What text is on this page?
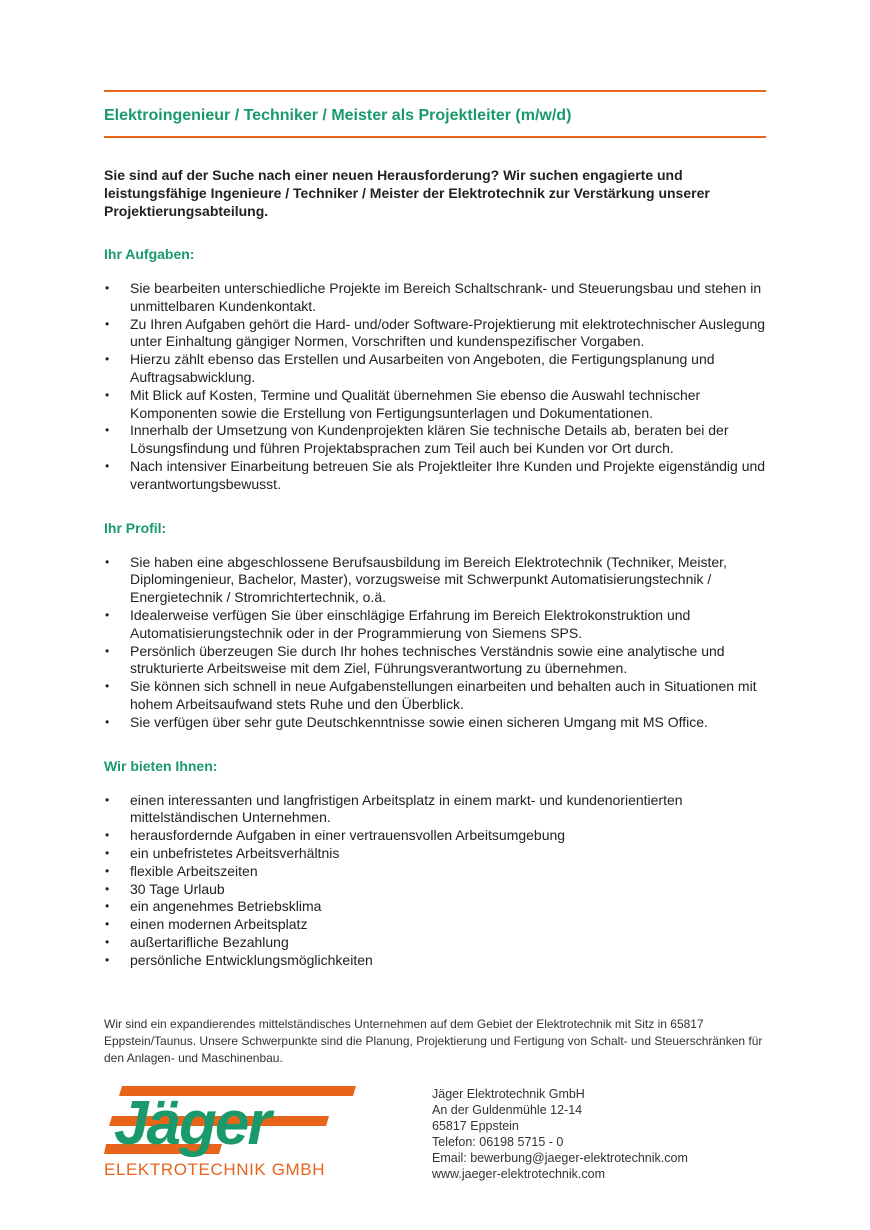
Elektroingenieur / Techniker / Meister als Projektleiter (m/w/d)
Sie sind auf der Suche nach einer neuen Herausforderung? Wir suchen engagierte und leistungsfähige Ingenieure / Techniker / Meister der Elektrotechnik zur Verstärkung unserer Projektierungsabteilung.
Ihr Aufgaben:
• Sie bearbeiten unterschiedliche Projekte im Bereich Schaltschrank- und Steuerungsbau und stehen in unmittelbaren Kundenkontakt.
• Zu Ihren Aufgaben gehört die Hard- und/oder Software-Projektierung mit elektrotechnischer Auslegung unter Einhaltung gängiger Normen, Vorschriften und kundenspezifischer Vorgaben.
• Hierzu zählt ebenso das Erstellen und Ausarbeiten von Angeboten, die Fertigungsplanung und Auftragsabwicklung.
• Mit Blick auf Kosten, Termine und Qualität übernehmen Sie ebenso die Auswahl technischer Komponenten sowie die Erstellung von Fertigungsunterlagen und Dokumentationen.
• Innerhalb der Umsetzung von Kundenprojekten klären Sie technische Details ab, beraten bei der Lösungsfindung und führen Projektabsprachen zum Teil auch bei Kunden vor Ort durch.
• Nach intensiver Einarbeitung betreuen Sie als Projektleiter Ihre Kunden und Projekte eigenständig und verantwortungsbewusst.
Ihr Profil:
• Sie haben eine abgeschlossene Berufsausbildung im Bereich Elektrotechnik (Techniker, Meister, Diplomingenieur, Bachelor, Master), vorzugsweise mit Schwerpunkt Automatisierungstechnik / Energietechnik / Stromrichtertechnik, o.ä.
• Idealerweise verfügen Sie über einschlägige Erfahrung im Bereich Elektrokonstruktion und Automatisierungstechnik oder in der Programmierung von Siemens SPS.
• Persönlich überzeugen Sie durch Ihr hohes technisches Verständnis sowie eine analytische und strukturierte Arbeitsweise mit dem Ziel, Führungsverantwortung zu übernehmen.
• Sie können sich schnell in neue Aufgabenstellungen einarbeiten und behalten auch in Situationen mit hohem Arbeitsaufwand stets Ruhe und den Überblick.
• Sie verfügen über sehr gute Deutschkenntnisse sowie einen sicheren Umgang mit MS Office.
Wir bieten Ihnen:
• einen interessanten und langfristigen Arbeitsplatz in einem markt- und kundenorientierten mittelständischen Unternehmen.
• herausfordernde Aufgaben in einer vertrauensvollen Arbeitsumgebung
• ein unbefristetes Arbeitsverhältnis
• flexible Arbeitszeiten
• 30 Tage Urlaub
• ein angenehmes Betriebsklima
• einen modernen Arbeitsplatz
• außertarifliche Bezahlung
• persönliche Entwicklungsmöglichkeiten
Wir sind ein expandierendes mittelständisches Unternehmen auf dem Gebiet der Elektrotechnik mit Sitz in 65817 Eppstein/Taunus. Unsere Schwerpunkte sind die Planung, Projektierung und Fertigung von Schalt- und Steuerschränken für den Anlagen- und Maschinenbau.
Jäger
ELEKTROTECHNIK GMBH
Jäger Elektrotechnik GmbH
An der Guldenmühle 12-14
65817 Eppstein
Telefon: 06198 5715 - 0
Email: bewerbung@jaeger-elektrotechnik.com
www.jaeger-elektrotechnik.com
